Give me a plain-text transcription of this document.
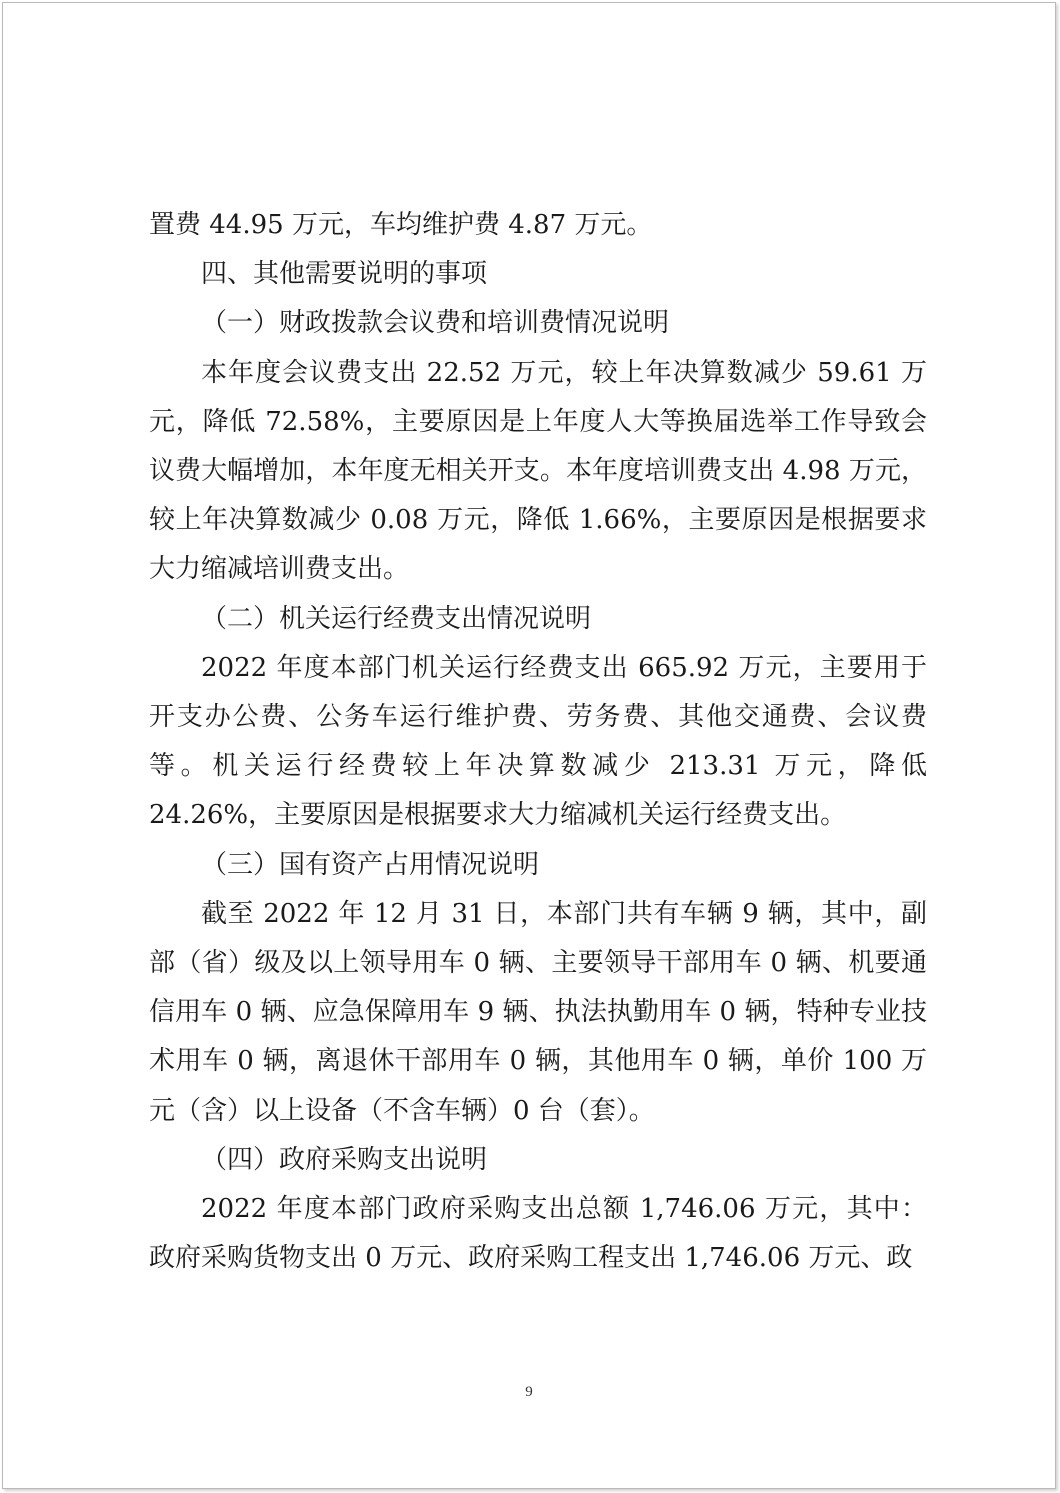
置费 44.95 万元，车均维护费 4.87 万元。

四、其他需要说明的事项

（一）财政拨款会议费和培训费情况说明

本年度会议费支出 22.52 万元，较上年决算数减少 59.61 万元，降低 72.58%，主要原因是上年度人大等换届选举工作导致会议费大幅增加，本年度无相关开支。本年度培训费支出 4.98 万元，较上年决算数减少 0.08 万元，降低 1.66%，主要原因是根据要求大力缩减培训费支出。

（二）机关运行经费支出情况说明

2022 年度本部门机关运行经费支出 665.92 万元，主要用于开支办公费、公务车运行维护费、劳务费、其他交通费、会议费等。机关运行经费较上年决算数减少 213.31 万元，降低 24.26%，主要原因是根据要求大力缩减机关运行经费支出。

（三）国有资产占用情况说明

截至 2022 年 12 月 31 日，本部门共有车辆 9 辆，其中，副部（省）级及以上领导用车 0 辆、主要领导干部用车 0 辆、机要通信用车 0 辆、应急保障用车 9 辆、执法执勤用车 0 辆，特种专业技术用车 0 辆，离退休干部用车 0 辆，其他用车 0 辆，单价 100 万元（含）以上设备（不含车辆）0 台（套）。

（四）政府采购支出说明

2022 年度本部门政府采购支出总额 1,746.06 万元，其中：政府采购货物支出 0 万元、政府采购工程支出 1,746.06 万元、政

9
